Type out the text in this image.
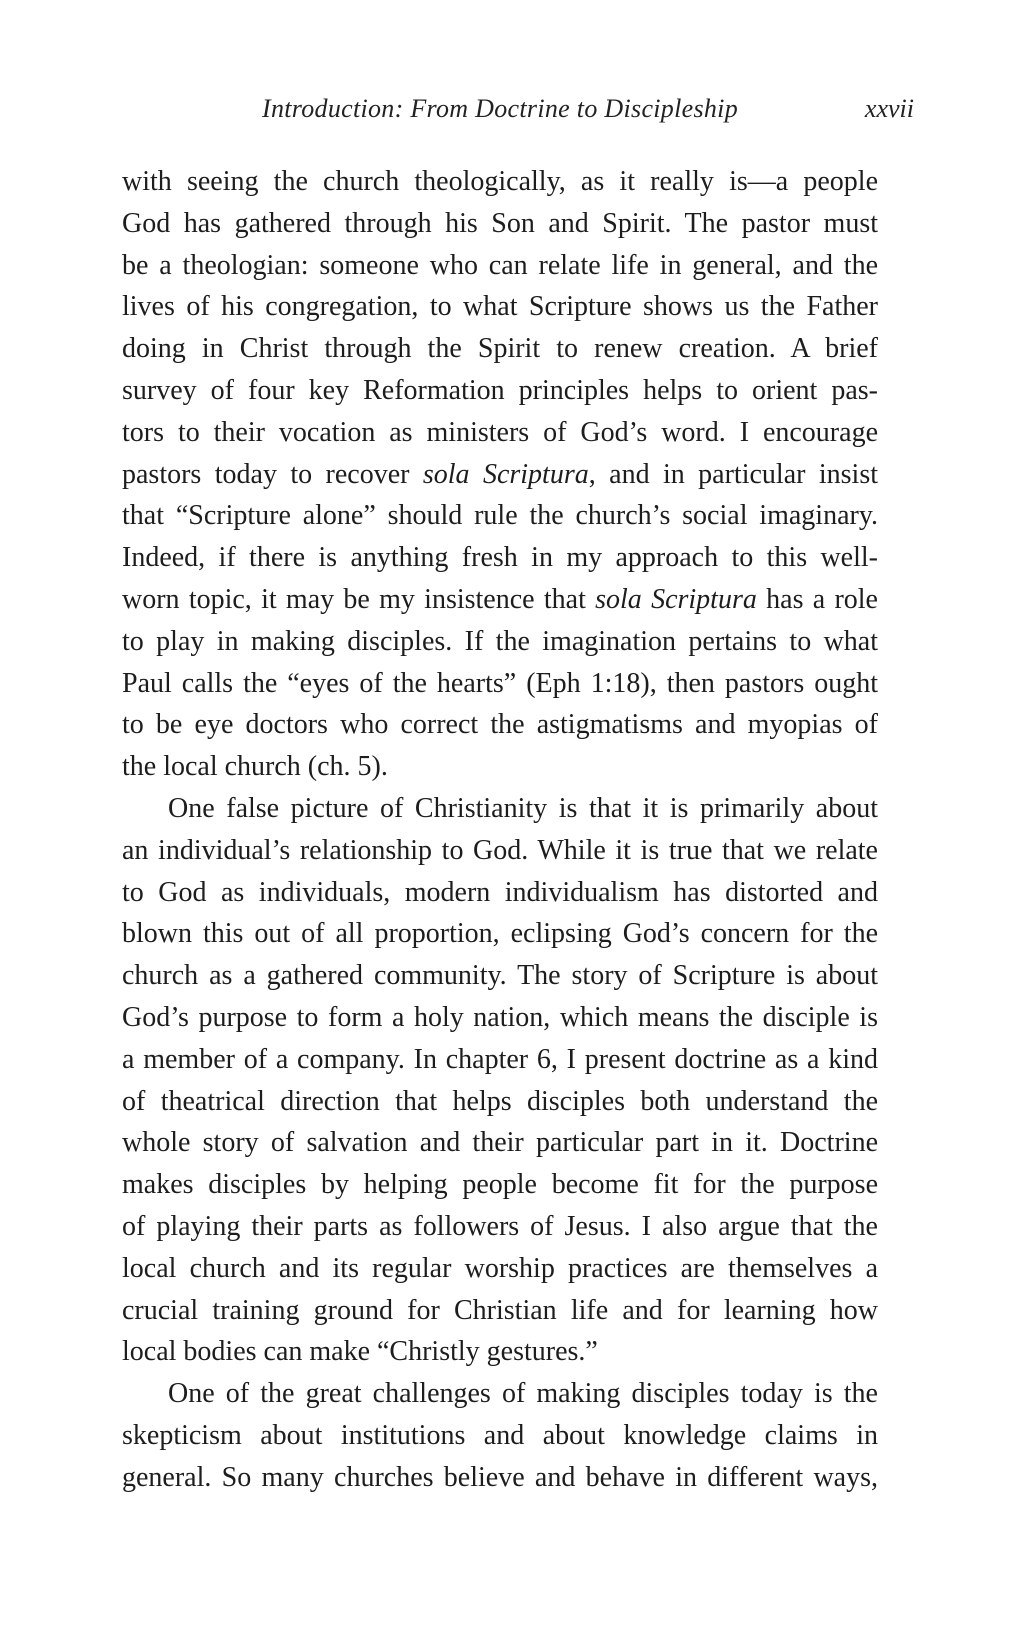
Introduction: From Doctrine to Discipleship	xxvii
with seeing the church theologically, as it really is—a people
God has gathered through his Son and Spirit. The pastor must
be a theologian: someone who can relate life in general, and the
lives of his congregation, to what Scripture shows us the Father
doing in Christ through the Spirit to renew creation. A brief
survey of four key Reformation principles helps to orient pas-
tors to their vocation as ministers of God’s word. I encourage
pastors today to recover sola Scriptura, and in particular insist
that “Scripture alone” should rule the church’s social imaginary.
Indeed, if there is anything fresh in my approach to this well-
worn topic, it may be my insistence that sola Scriptura has a role
to play in making disciples. If the imagination pertains to what
Paul calls the “eyes of the hearts” (Eph 1:18), then pastors ought
to be eye doctors who correct the astigmatisms and myopias of
the local church (ch. 5).
One false picture of Christianity is that it is primarily about
an individual’s relationship to God. While it is true that we relate
to God as individuals, modern individualism has distorted and
blown this out of all proportion, eclipsing God’s concern for the
church as a gathered community. The story of Scripture is about
God’s purpose to form a holy nation, which means the disciple is
a member of a company. In chapter 6, I present doctrine as a kind
of theatrical direction that helps disciples both understand the
whole story of salvation and their particular part in it. Doctrine
makes disciples by helping people become fit for the purpose
of playing their parts as followers of Jesus. I also argue that the
local church and its regular worship practices are themselves a
crucial training ground for Christian life and for learning how
local bodies can make “Christly gestures.”
One of the great challenges of making disciples today is the
skepticism about institutions and about knowledge claims in
general. So many churches believe and behave in different ways,
